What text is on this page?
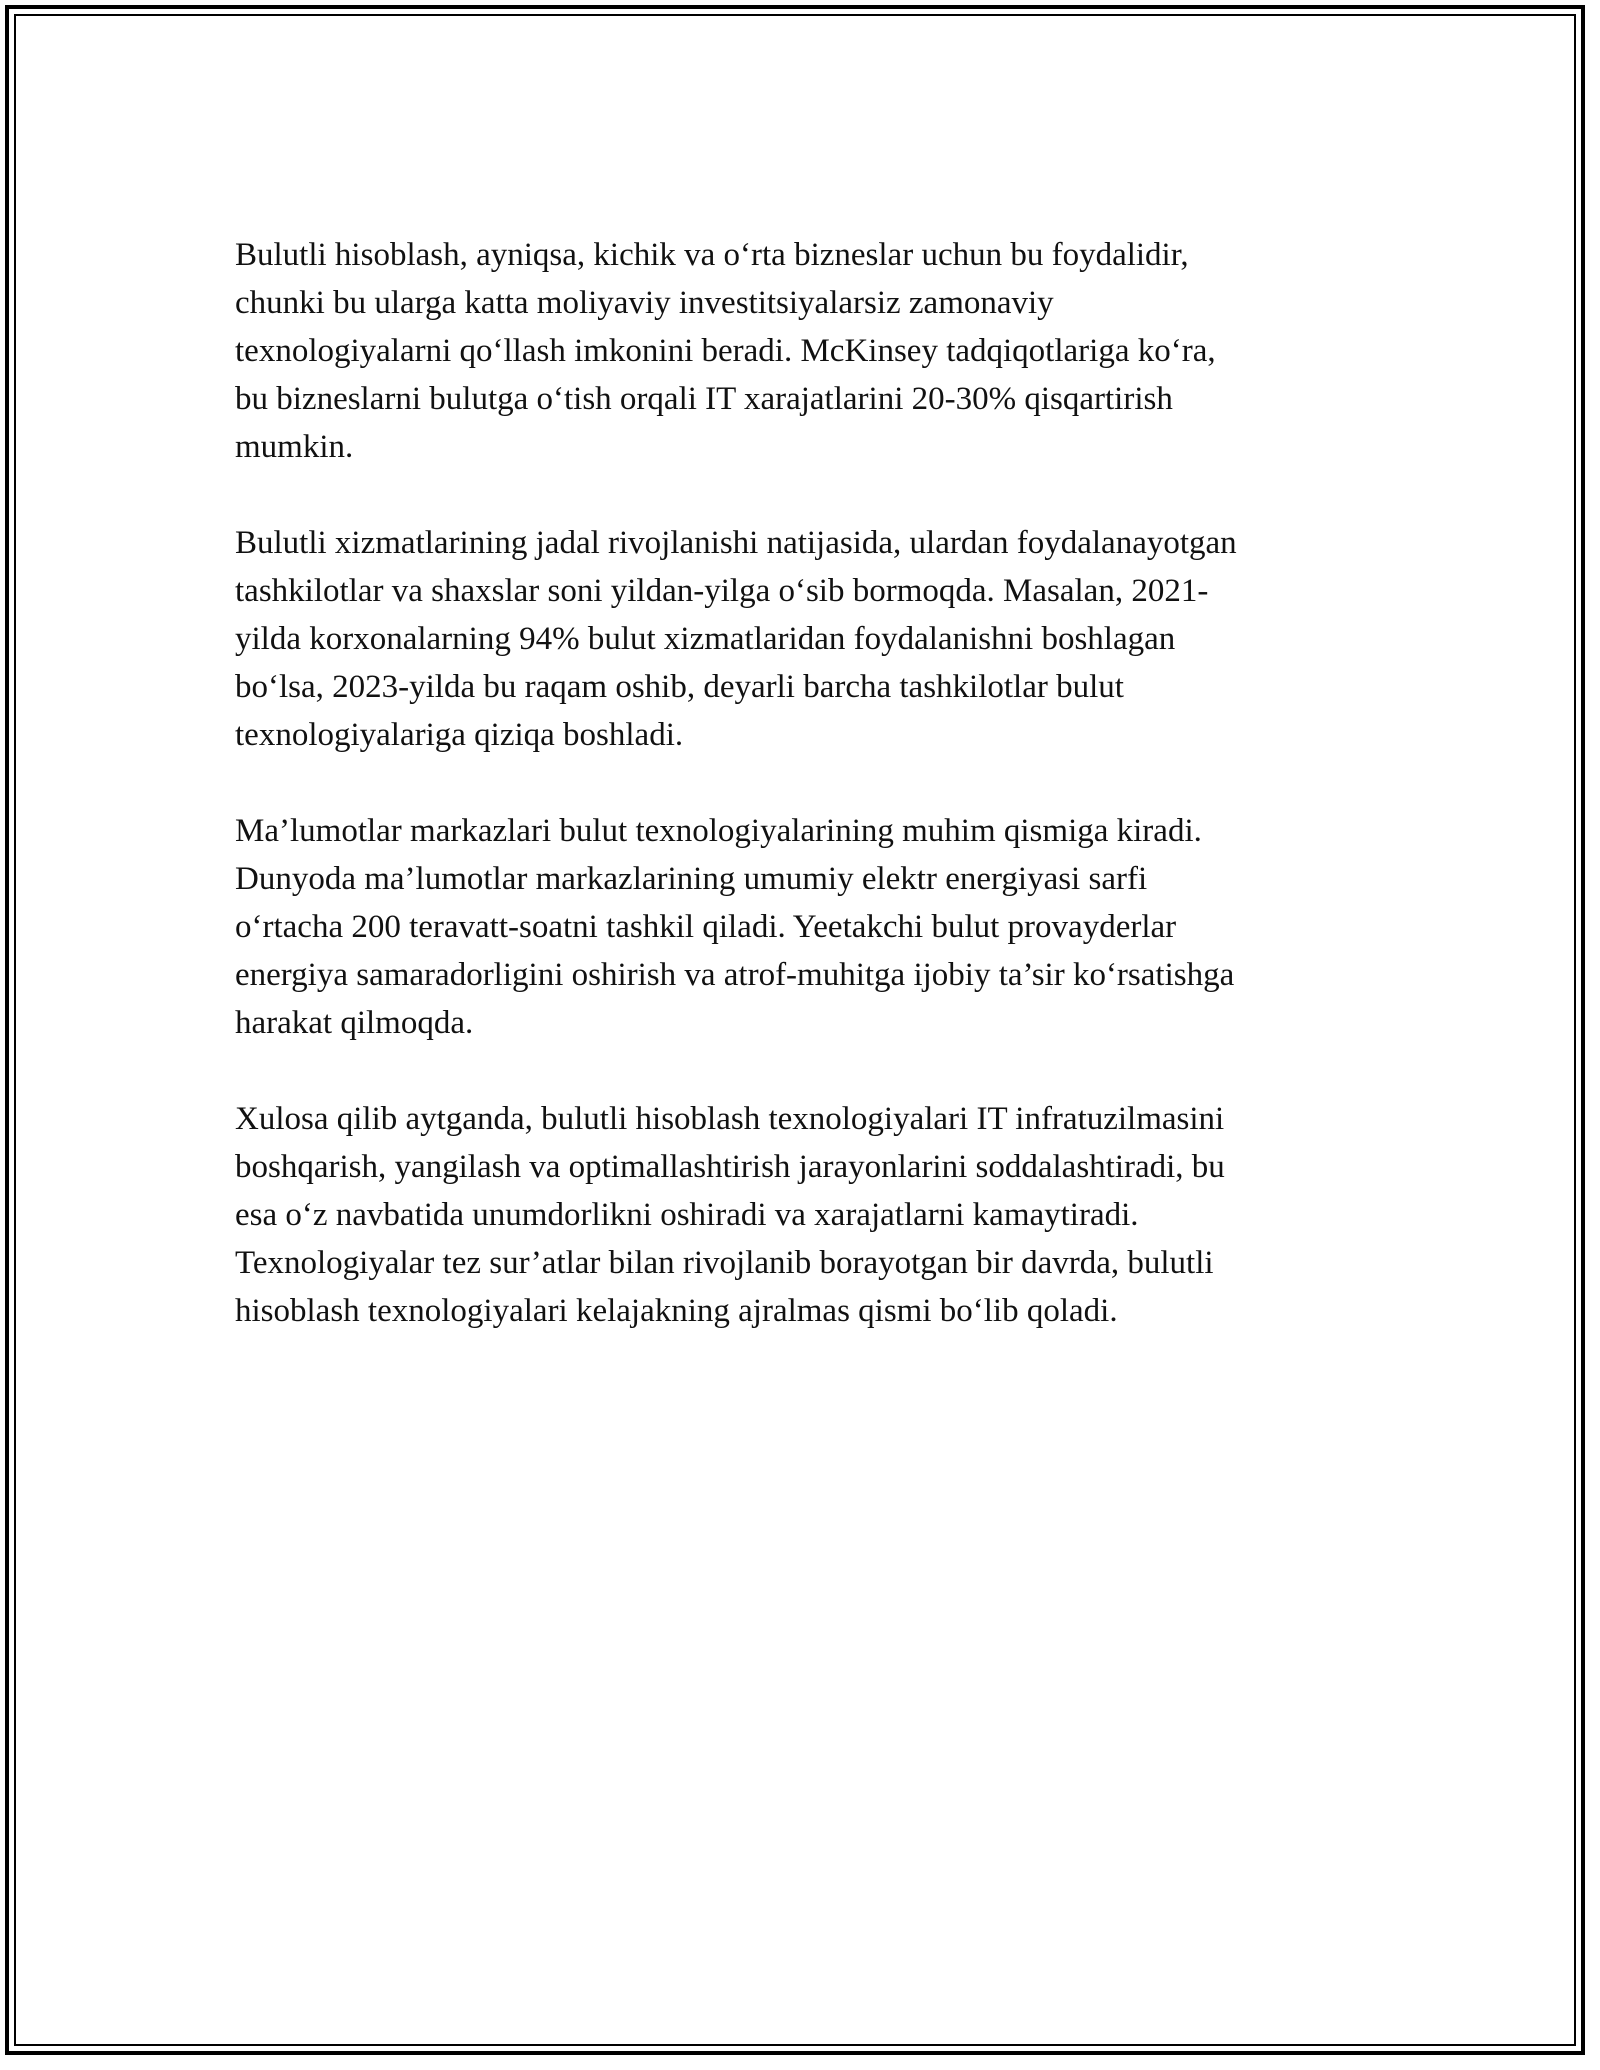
Bulutli hisoblash, ayniqsa, kichik va o‘rta bizneslar uchun bu foydalidir,
chunki bu ularga katta moliyaviy investitsiyalarsiz zamonaviy
texnologiyalarni qo‘llash imkonini beradi. McKinsey tadqiqotlariga ko‘ra,
bu bizneslarni bulutga o‘tish orqali IT xarajatlarini 20-30% qisqartirish
mumkin.

Bulutli xizmatlarining jadal rivojlanishi natijasida, ulardan foydalanayotgan
tashkilotlar va shaxslar soni yildan-yilga o‘sib bormoqda. Masalan, 2021-
yilda korxonalarning 94% bulut xizmatlaridan foydalanishni boshlagan
bo‘lsa, 2023-yilda bu raqam oshib, deyarli barcha tashkilotlar bulut
texnologiyalariga qiziqa boshladi.

Ma’lumotlar markazlari bulut texnologiyalarining muhim qismiga kiradi.
Dunyoda ma’lumotlar markazlarining umumiy elektr energiyasi sarfi
o‘rtacha 200 teravatt-soatni tashkil qiladi. Yeetakchi bulut provayderlar
energiya samaradorligini oshirish va atrof-muhitga ijobiy ta’sir ko‘rsatishga
harakat qilmoqda.

Xulosa qilib aytganda, bulutli hisoblash texnologiyalari IT infratuzilmasini
boshqarish, yangilash va optimallashtirish jarayonlarini soddalashtiradi, bu
esa o‘z navbatida unumdorlikni oshiradi va xarajatlarni kamaytiradi.
Texnologiyalar tez sur’atlar bilan rivojlanib borayotgan bir davrda, bulutli
hisoblash texnologiyalari kelajakning ajralmas qismi bo‘lib qoladi.
